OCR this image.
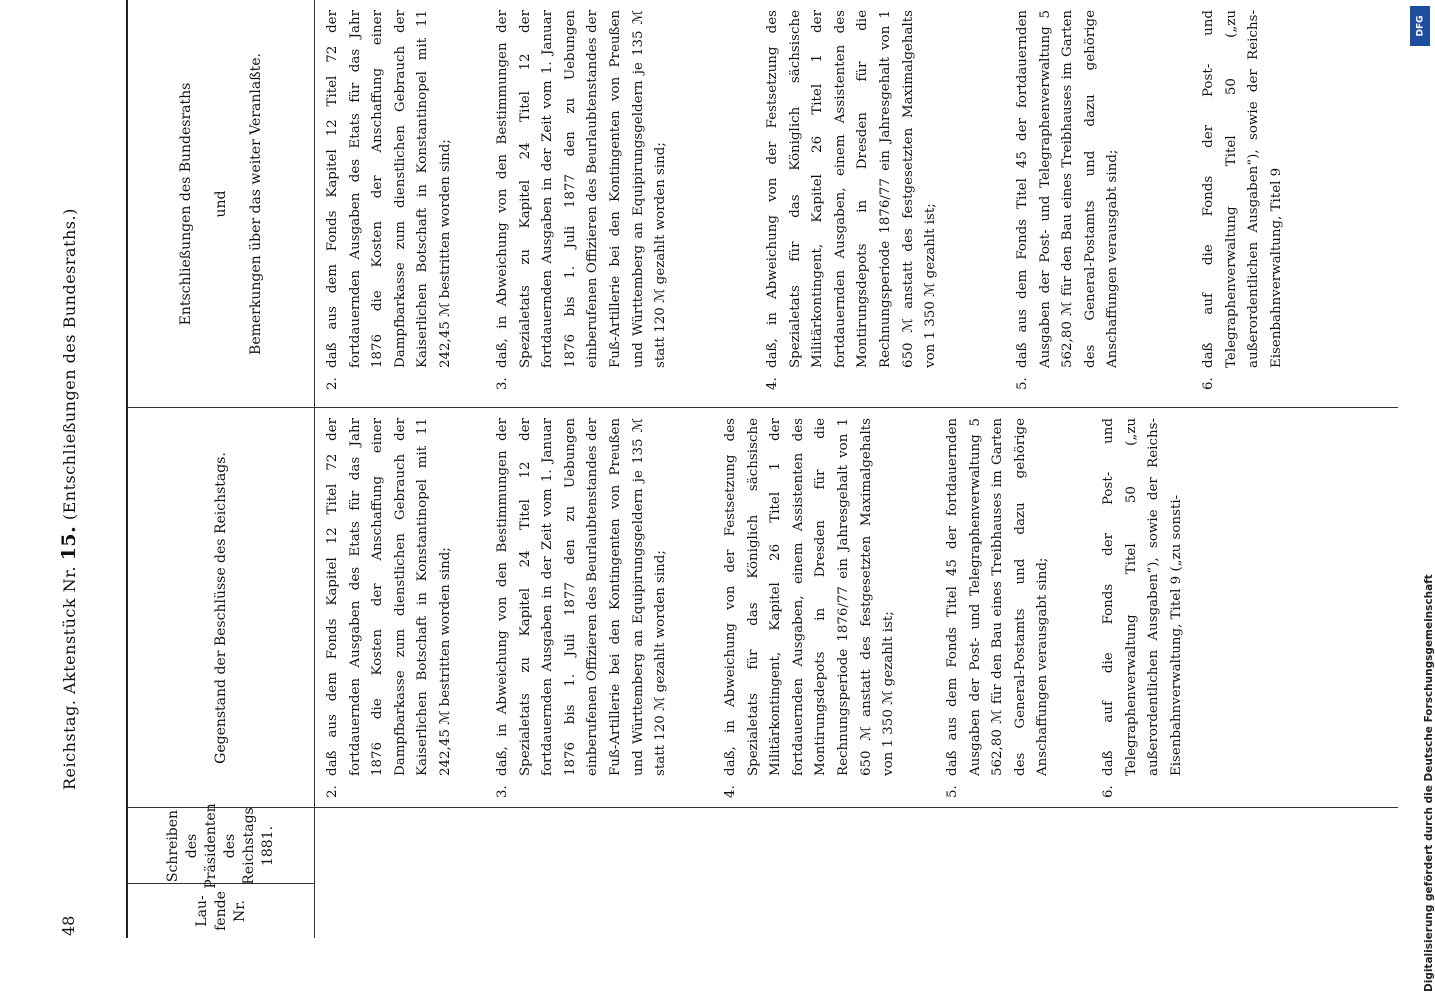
48
Reichstag. Aktenstück Nr. 15. (Entschließungen des Bundesraths.)
Lau- fende Nr.
Schreiben des Präsidenten des Reichstags 1881.
Gegenstand der Beschlüsse des Reichstags.
Entschließungen des Bundesraths und Bemerkungen über das weiter Veranlaßte.
2.
daß aus dem Fonds Kapitel 12 Titel 72 der fortdauernden Ausgaben des Etats für das Jahr 1876 die Kosten der Anschaffung einer Dampfbarkasse zum dienstlichen Gebrauch der Kaiserlichen Botschaft in Konstantinopel mit 11 242,45 ℳ bestritten worden sind;
3.
daß, in Abweichung von den Bestimmungen der Spezialetats zu Kapitel 24 Titel 12 der fortdauernden Ausgaben in der Zeit vom 1. Januar 1876 bis 1. Juli 1877 den zu Uebungen einberufenen Offizieren des Beurlaubtenstandes der Fuß-Artillerie bei den Kontingenten von Preußen und Württemberg an Equipirungsgeldern je 135 ℳ statt 120 ℳ gezahlt worden sind;
4.
daß, in Abweichung von der Festsetzung des Spezialetats für das Königlich sächsische Militärkontingent, Kapitel 26 Titel 1 der fortdauernden Ausgaben, einem Assistenten des Montirungsdepots in Dresden für die Rechnungsperiode 1876/77 ein Jahresgehalt von 1 650 ℳ anstatt des festgesetzten Maximalgehalts von 1 350 ℳ gezahlt ist;
5.
daß aus dem Fonds Titel 45 der fortdauernden Ausgaben der Post- und Telegraphenverwaltung 5 562,80 ℳ für den Bau eines Treibhauses im Garten des General-Postamts und dazu gehörige Anschaffungen verausgabt sind;
6.
daß auf die Fonds der Post- und Telegraphenverwaltung Titel 50 („zu außerordentlichen Ausgaben“), sowie der Reichs-Eisenbahnverwaltung, Titel 9 („zu sonsti-
2.
daß aus dem Fonds Kapitel 12 Titel 72 der fortdauernden Ausgaben des Etats für das Jahr 1876 die Kosten der Anschaffung einer Dampfbarkasse zum dienstlichen Gebrauch der Kaiserlichen Botschaft in Konstantinopel mit 11 242,45 ℳ bestritten worden sind;
3.
daß, in Abweichung von den Bestimmungen der Spezialetats zu Kapitel 24 Titel 12 der fortdauernden Ausgaben in der Zeit vom 1. Januar 1876 bis 1. Juli 1877 den zu Uebungen einberufenen Offizieren des Beurlaubtenstandes der Fuß-Artillerie bei den Kontingenten von Preußen und Württemberg an Equipirungsgeldern je 135 ℳ statt 120 ℳ gezahlt worden sind;
4.
daß, in Abweichung von der Festsetzung des Spezialetats für das Königlich sächsische Militärkontingent, Kapitel 26 Titel 1 der fortdauernden Ausgaben, einem Assistenten des Montirungsdepots in Dresden für die Rechnungsperiode 1876/77 ein Jahresgehalt von 1 650 ℳ anstatt des festgesetzten Maximalgehalts von 1 350 ℳ gezahlt ist;
5.
daß aus dem Fonds Titel 45 der fortdauernden Ausgaben der Post- und Telegraphenverwaltung 5 562,80 ℳ für den Bau eines Treibhauses im Garten des General-Postamts und dazu gehörige Anschaffungen verausgabt sind;
6.
daß auf die Fonds der Post- und Telegraphenverwaltung Titel 50 („zu außerordentlichen Ausgaben“), sowie der Reichs-Eisenbahnverwaltung, Titel 9
Digitalisierung gefördert durch die Deutsche Forschungsgemeinschaft
DFG
